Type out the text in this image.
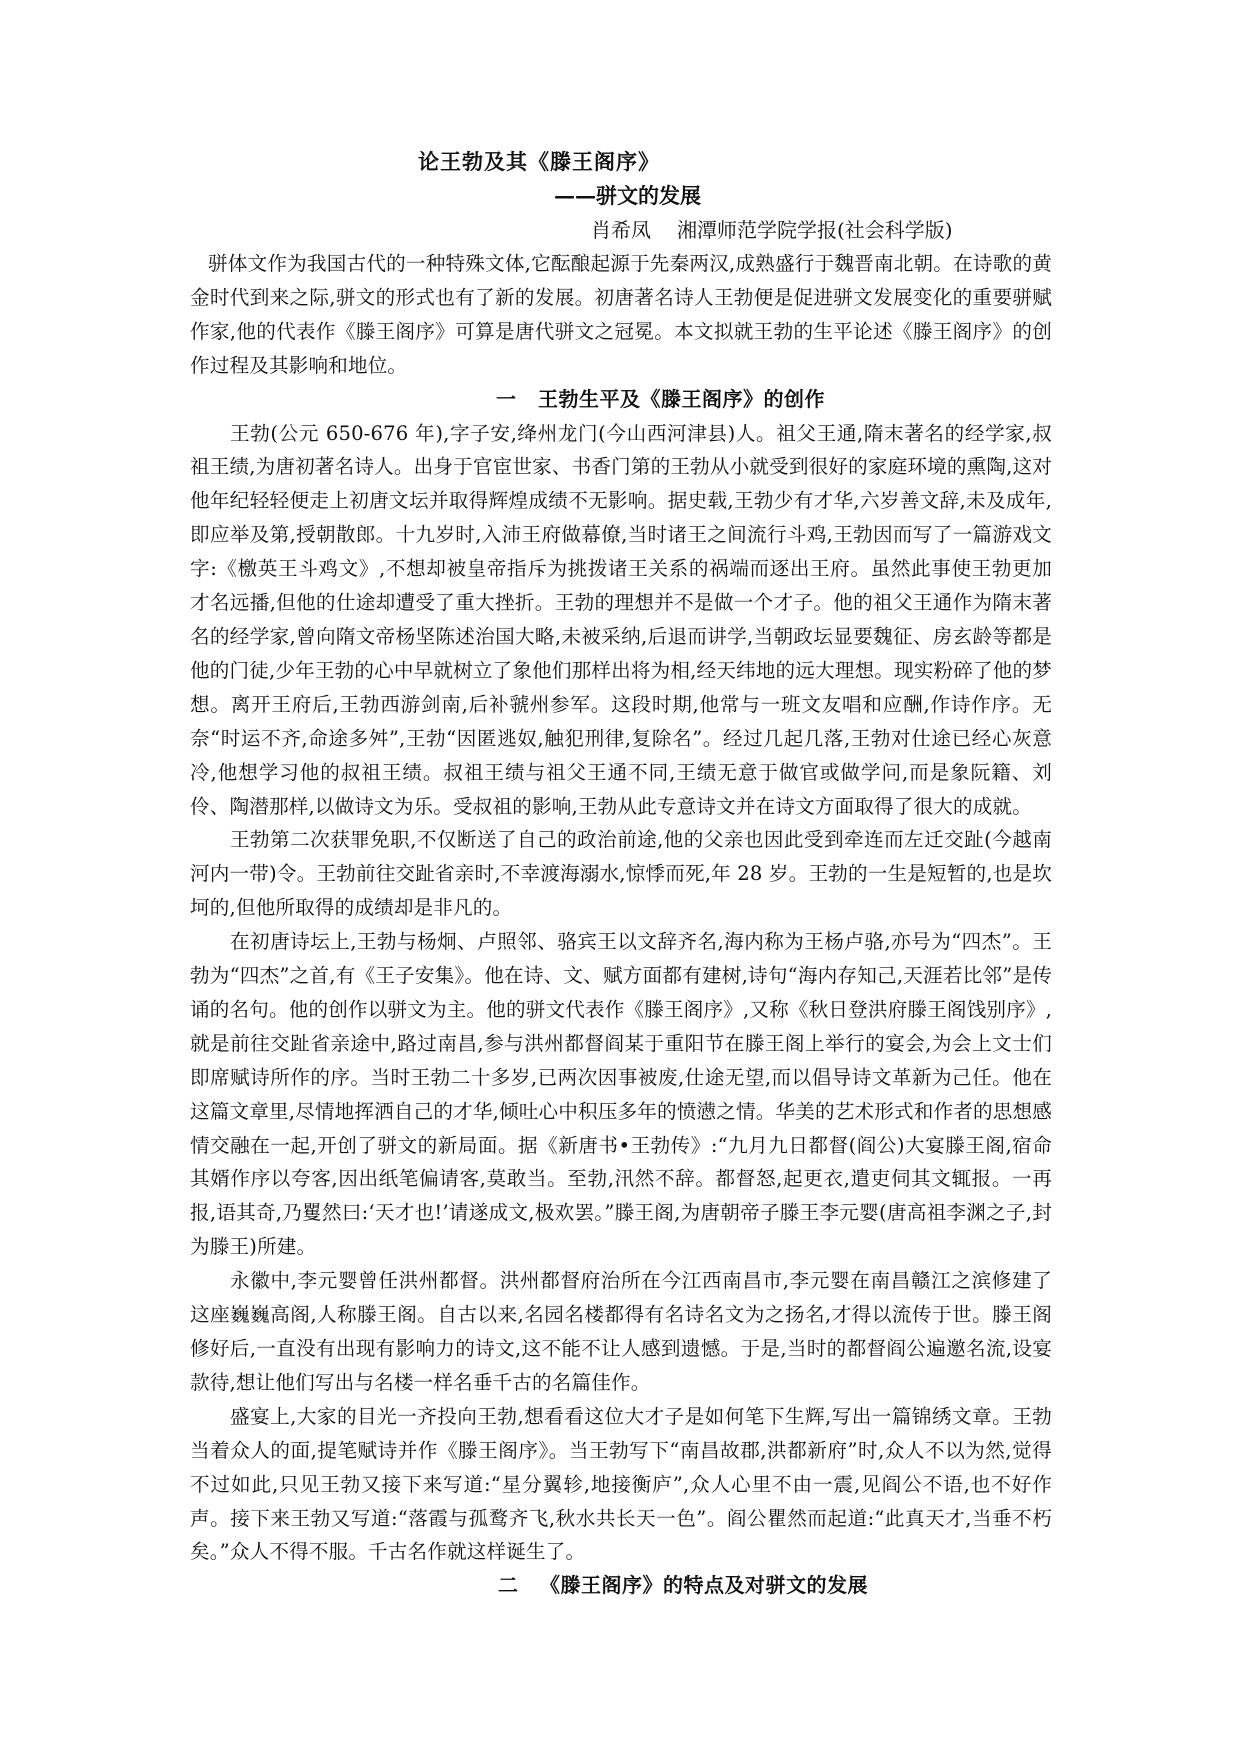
论王勃及其《滕王阁序》
——骈文的发展
肖希凤 湘潭师范学院学报(社会科学版)

骈体文作为我国古代的一种特殊文体,它酝酿起源于先秦两汉,成熟盛行于魏晋南北朝。在诗歌的黄金时代到来之际,骈文的形式也有了新的发展。初唐著名诗人王勃便是促进骈文发展变化的重要骈赋作家,他的代表作《滕王阁序》可算是唐代骈文之冠冕。本文拟就王勃的生平论述《滕王阁序》的创作过程及其影响和地位。

一 王勃生平及《滕王阁序》的创作

王勃(公元 650-676 年),字子安,绛州龙门(今山西河津县)人。祖父王通,隋末著名的经学家,叔祖王绩,为唐初著名诗人。出身于官宦世家、书香门第的王勃从小就受到很好的家庭环境的熏陶,这对他年纪轻轻便走上初唐文坛并取得辉煌成绩不无影响。据史载,王勃少有才华,六岁善文辞,未及成年,即应举及第,授朝散郎。十九岁时,入沛王府做幕僚,当时诸王之间流行斗鸡,王勃因而写了一篇游戏文字:《檄英王斗鸡文》,不想却被皇帝指斥为挑拨诸王关系的祸端而逐出王府。虽然此事使王勃更加才名远播,但他的仕途却遭受了重大挫折。王勃的理想并不是做一个才子。他的祖父王通作为隋末著名的经学家,曾向隋文帝杨坚陈述治国大略,未被采纳,后退而讲学,当朝政坛显要魏征、房玄龄等都是他的门徒,少年王勃的心中早就树立了象他们那样出将为相,经天纬地的远大理想。现实粉碎了他的梦想。离开王府后,王勃西游剑南,后补虢州参军。这段时期,他常与一班文友唱和应酬,作诗作序。无奈“时运不齐,命途多舛”,王勃“因匿逃奴,触犯刑律,复除名”。经过几起几落,王勃对仕途已经心灰意冷,他想学习他的叔祖王绩。叔祖王绩与祖父王通不同,王绩无意于做官或做学问,而是象阮籍、刘伶、陶潜那样,以做诗文为乐。受叔祖的影响,王勃从此专意诗文并在诗文方面取得了很大的成就。

王勃第二次获罪免职,不仅断送了自己的政治前途,他的父亲也因此受到牵连而左迁交趾(今越南河内一带)令。王勃前往交趾省亲时,不幸渡海溺水,惊悸而死,年 28 岁。王勃的一生是短暂的,也是坎坷的,但他所取得的成绩却是非凡的。

在初唐诗坛上,王勃与杨炯、卢照邻、骆宾王以文辞齐名,海内称为王杨卢骆,亦号为“四杰”。王勃为“四杰”之首,有《王子安集》。他在诗、文、赋方面都有建树,诗句“海内存知己,天涯若比邻”是传诵的名句。他的创作以骈文为主。他的骈文代表作《滕王阁序》,又称《秋日登洪府滕王阁饯别序》,就是前往交趾省亲途中,路过南昌,参与洪州都督阎某于重阳节在滕王阁上举行的宴会,为会上文士们即席赋诗所作的序。当时王勃二十多岁,已两次因事被废,仕途无望,而以倡导诗文革新为己任。他在这篇文章里,尽情地挥洒自己的才华,倾吐心中积压多年的愤懑之情。华美的艺术形式和作者的思想感情交融在一起,开创了骈文的新局面。据《新唐书•王勃传》:“九月九日都督(阎公)大宴滕王阁,宿命其婿作序以夸客,因出纸笔偏请客,莫敢当。至勃,汛然不辞。都督怒,起更衣,遣吏伺其文辄报。一再报,语其奇,乃矍然曰:‘天才也!’请遂成文,极欢罢。”滕王阁,为唐朝帝子滕王李元婴(唐高祖李渊之子,封为滕王)所建。

永徽中,李元婴曾任洪州都督。洪州都督府治所在今江西南昌市,李元婴在南昌赣江之滨修建了这座巍巍高阁,人称滕王阁。自古以来,名园名楼都得有名诗名文为之扬名,才得以流传于世。滕王阁修好后,一直没有出现有影响力的诗文,这不能不让人感到遗憾。于是,当时的都督阎公遍邀名流,设宴款待,想让他们写出与名楼一样名垂千古的名篇佳作。

盛宴上,大家的目光一齐投向王勃,想看看这位大才子是如何笔下生辉,写出一篇锦绣文章。王勃当着众人的面,提笔赋诗并作《滕王阁序》。当王勃写下“南昌故郡,洪都新府”时,众人不以为然,觉得不过如此,只见王勃又接下来写道:“星分翼轸,地接衡庐”,众人心里不由一震,见阎公不语,也不好作声。接下来王勃又写道:“落霞与孤鹜齐飞,秋水共长天一色”。阎公瞿然而起道:“此真天才,当垂不朽矣。”众人不得不服。千古名作就这样诞生了。

二 《滕王阁序》的特点及对骈文的发展
